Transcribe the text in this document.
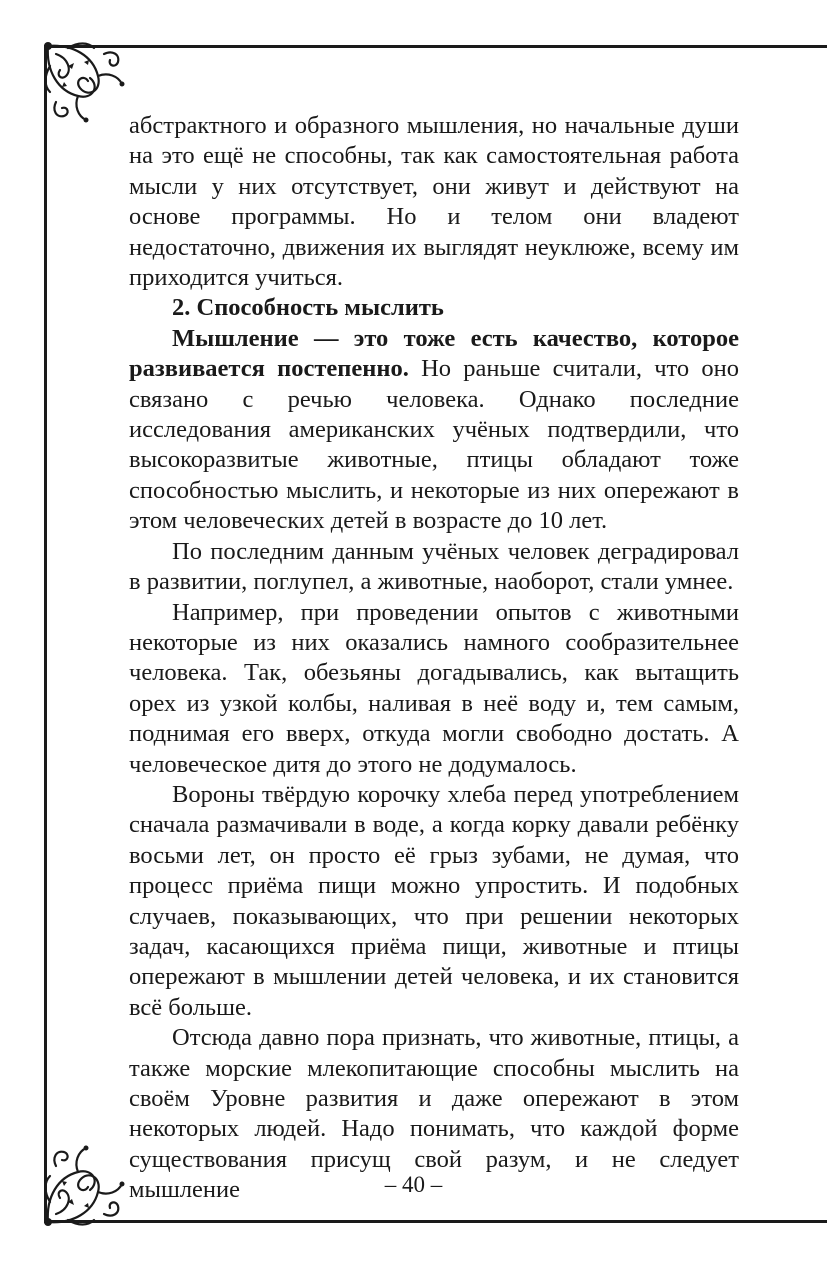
абстрактного и образного мышления, но начальные души на это ещё не способны, так как самостоятельная работа мысли у них отсутствует, они живут и действуют на основе программы. Но и телом они владеют недостаточно, движения их выглядят неуклюже, всему им приходится учиться.

2. Способность мыслить

Мышление — это тоже есть качество, которое развивается постепенно. Но раньше считали, что оно связано с речью человека. Однако последние исследования американских учёных подтвердили, что высокоразвитые животные, птицы обладают тоже способностью мыслить, и некоторые из них опережают в этом человеческих детей в возрасте до 10 лет.

По последним данным учёных человек деградировал в развитии, поглупел, а животные, наоборот, стали умнее.

Например, при проведении опытов с животными некоторые из них оказались намного сообразительнее человека. Так, обезьяны догадывались, как вытащить орех из узкой колбы, наливая в неё воду и, тем самым, поднимая его вверх, откуда могли свободно достать. А человеческое дитя до этого не додумалось.

Вороны твёрдую корочку хлеба перед употреблением сначала размачивали в воде, а когда корку давали ребёнку восьми лет, он просто её грыз зубами, не думая, что процесс приёма пищи можно упростить. И подобных случаев, показывающих, что при решении некоторых задач, касающихся приёма пищи, животные и птицы опережают в мышлении детей человека, и их становится всё больше.

Отсюда давно пора признать, что животные, птицы, а также морские млекопитающие способны мыслить на своём Уровне развития и даже опережают в этом некоторых людей. Надо понимать, что каждой форме существования присущ свой разум, и не следует мышление	– 40 –
